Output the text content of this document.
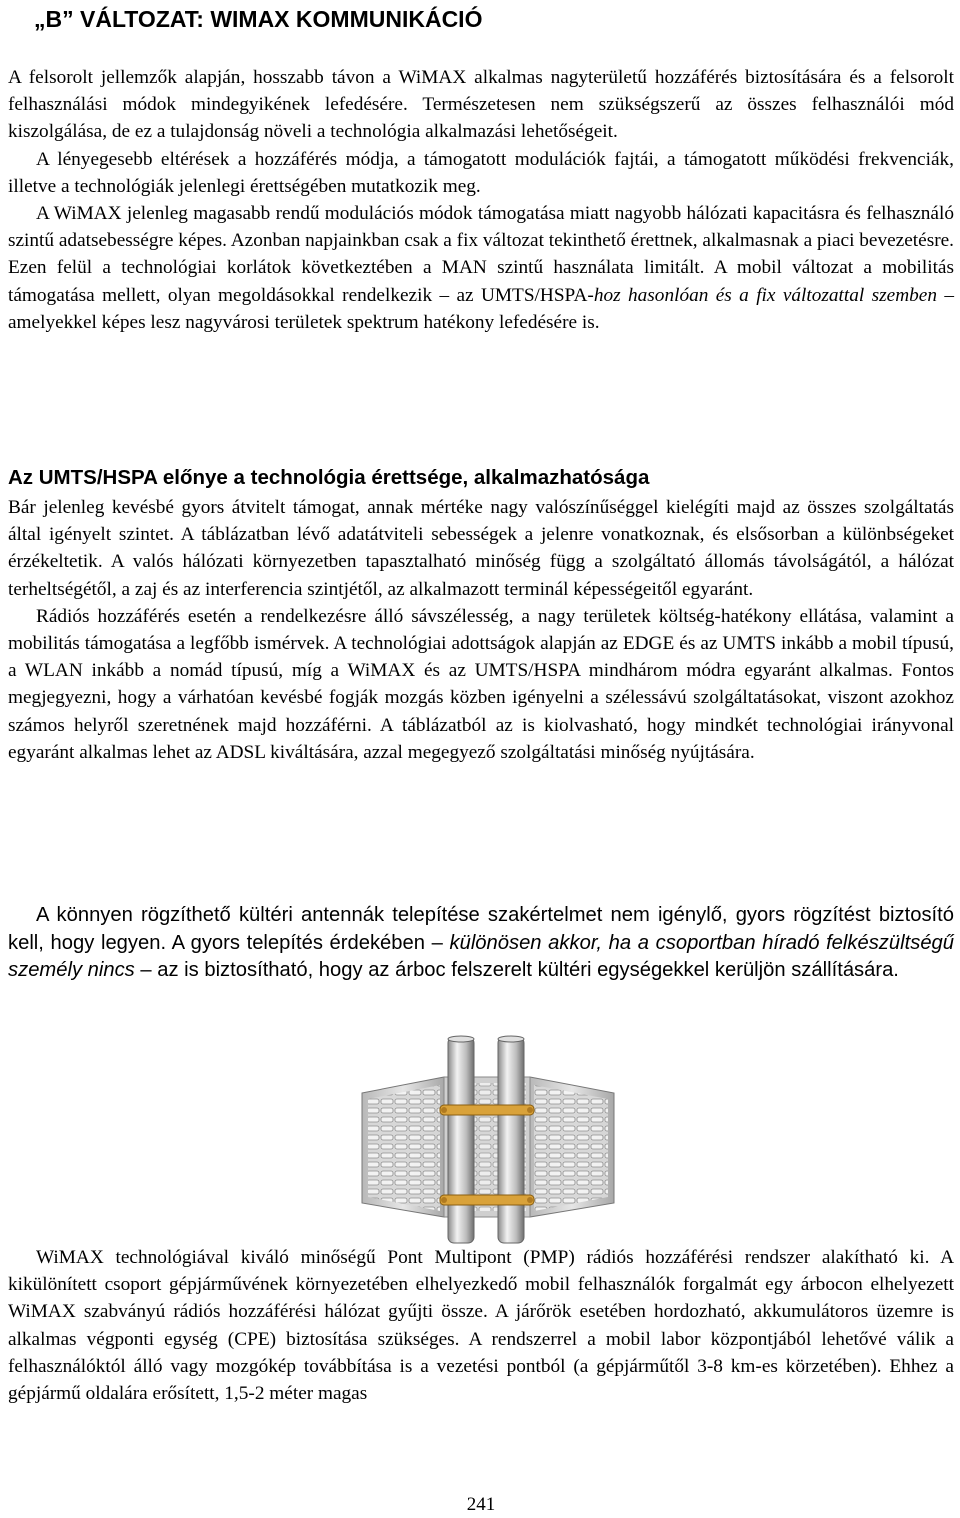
„B” VÁLTOZAT: WIMAX KOMMUNIKÁCIÓ

A felsorolt jellemzők alapján, hosszabb távon a WiMAX alkalmas nagyterületű hozzáférés biztosítására és a felsorolt felhasználási módok mindegyikének lefedésére. Természetesen nem szükségszerű az összes felhasználói mód kiszolgálása, de ez a tulajdonság növeli a technológia alkalmazási lehetőségeit.

A lényegesebb eltérések a hozzáférés módja, a támogatott modulációk fajtái, a támogatott működési frekvenciák, illetve a technológiák jelenlegi érettségében mutatkozik meg.

A WiMAX jelenleg magasabb rendű modulációs módok támogatása miatt nagyobb hálózati kapacitásra és felhasználó szintű adatsebességre képes. Azonban napjainkban csak a fix változat tekinthető érettnek, alkalmasnak a piaci bevezetésre. Ezen felül a technológiai korlátok következtében a MAN szintű használata limitált. A mobil változat a mobilitás támogatása mellett, olyan megoldásokkal rendelkezik – az UMTS/HSPA-hoz hasonlóan és a fix változattal szemben – amelyekkel képes lesz nagyvárosi területek spektrum hatékony lefedésére is.

Az UMTS/HSPA előnye a technológia érettsége, alkalmazhatósága

Bár jelenleg kevésbé gyors átvitelt támogat, annak mértéke nagy valószínűséggel kielégíti majd az összes szolgáltatás által igényelt szintet. A táblázatban lévő adatátviteli sebességek a jelenre vonatkoznak, és elsősorban a különbségeket érzékeltetik. A valós hálózati környezetben tapasztalható minőség függ a szolgáltató állomás távolságától, a hálózat terheltségétől, a zaj és az interferencia szintjétől, az alkalmazott terminál képességeitől egyaránt.

Rádiós hozzáférés esetén a rendelkezésre álló sávszélesség, a nagy területek költség-hatékony ellátása, valamint a mobilitás támogatása a legfőbb ismérvek. A technológiai adottságok alapján az EDGE és az UMTS inkább a mobil típusú, a WLAN inkább a nomád típusú, míg a WiMAX és az UMTS/HSPA mindhárom módra egyaránt alkalmas. Fontos megjegyezni, hogy a várhatóan kevésbé fogják mozgás közben igényelni a szélessávú szolgáltatásokat, viszont azokhoz számos helyről szeretnének majd hozzáférni. A táblázatból az is kiolvasható, hogy mindkét technológiai irányvonal egyaránt alkalmas lehet az ADSL kiváltására, azzal megegyező szolgáltatási minőség nyújtására.

A könnyen rögzíthető kültéri antennák telepítése szakértelmet nem igénylő, gyors rögzítést biztosító kell, hogy legyen. A gyors telepítés érdekében – különösen akkor, ha a csoportban híradó felkészültségű személy nincs – az is biztosítható, hogy az árboc felszerelt kültéri egységekkel kerüljön szállítására.

WiMAX technológiával kiváló minőségű Pont Multipont (PMP) rádiós hozzáférési rendszer alakítható ki. A kikülönített csoport gépjárművének környezetében elhelyezkedő mobil felhasználók forgalmát egy árbocon elhelyezett WiMAX szabványú rádiós hozzáférési hálózat gyűjti össze. A járőrök esetében hordozható, akkumulátoros üzemre is alkalmas végponti egység (CPE) biztosítása szükséges. A rendszerrel a mobil labor központjából lehetővé válik a felhasználóktól álló vagy mozgókép továbbítása is a vezetési pontból (a gépjárműtől 3-8 km-es körzetében). Ehhez a gépjármű oldalára erősített, 1,5-2 méter magas

241
